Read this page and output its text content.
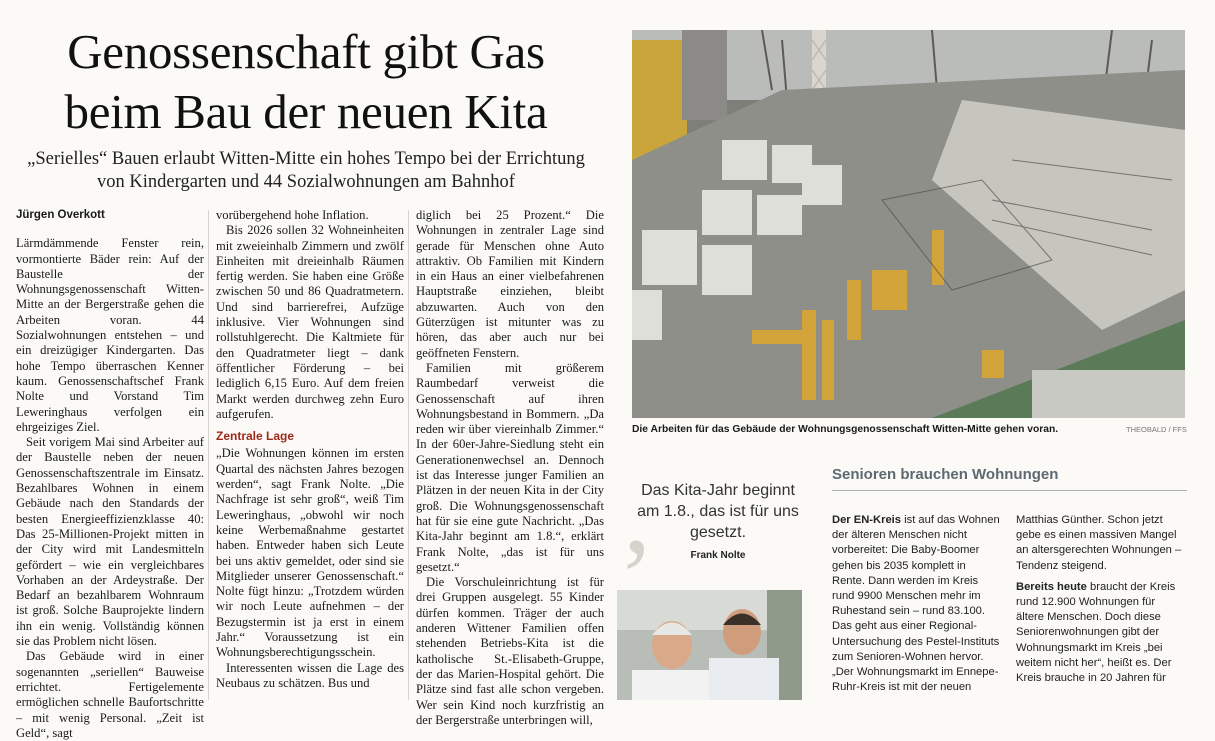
Genossenschaft gibt Gas beim Bau der neuen Kita
„Serielles“ Bauen erlaubt Witten-Mitte ein hohes Tempo bei der Errichtung von Kindergarten und 44 Sozialwohnungen am Bahnhof

Jürgen Overkott

Lärmdämmende Fenster rein, vormontierte Bäder rein: Auf der Baustelle der Wohnungsgenossenschaft Witten-Mitte an der Bergerstraße gehen die Arbeiten voran. 44 Sozialwohnungen entstehen – und ein dreizügiger Kindergarten. Das hohe Tempo überraschen Kenner kaum. Genossenschaftschef Frank Nolte und Vorstand Tim Leweringhaus verfolgen ein ehrgeiziges Ziel.

Seit vorigem Mai sind Arbeiter auf der Baustelle neben der neuen Genossenschaftszentrale im Einsatz. Bezahlbares Wohnen in einem Gebäude nach den Standards der besten Energieeffizienzklasse 40: Das 25-Millionen-Projekt mitten in der City wird mit Landesmitteln gefördert – wie ein vergleichbares Vorhaben an der Ardeystraße. Der Bedarf an bezahlbarem Wohnraum ist groß. Solche Bauprojekte lindern ihn ein wenig. Vollständig können sie das Problem nicht lösen.

Das Gebäude wird in einer sogenannten „seriellen“ Bauweise errichtet. Fertigelemente ermöglichen schnelle Baufortschritte – mit wenig Personal. „Zeit ist Geld“, sagt

vorübergehend hohe Inflation.

Bis 2026 sollen 32 Wohneinheiten mit zweieinhalb Zimmern und zwölf Einheiten mit dreieinhalb Räumen fertig werden. Sie haben eine Größe zwischen 50 und 86 Quadratmetern. Und sind barrierefrei, Aufzüge inklusive. Vier Wohnungen sind rollstuhlgerecht. Die Kaltmiete für den Quadratmeter liegt – dank öffentlicher Förderung – bei lediglich 6,15 Euro. Auf dem freien Markt werden durchweg zehn Euro aufgerufen.

Zentrale Lage

„Die Wohnungen können im ersten Quartal des nächsten Jahres bezogen werden“, sagt Frank Nolte. „Die Nachfrage ist sehr groß“, weiß Tim Leweringhaus, „obwohl wir noch keine Werbemaßnahme gestartet haben. Entweder haben sich Leute bei uns aktiv gemeldet, oder sind sie Mitglieder unserer Genossenschaft.“ Nolte fügt hinzu: „Trotzdem würden wir noch Leute aufnehmen – der Bezugstermin ist ja erst in einem Jahr.“ Voraussetzung ist ein Wohnungsberechtigungsschein.

Interessenten wissen die Lage des Neubaus zu schätzen. Bus und

diglich bei 25 Prozent.“ Die Wohnungen in zentraler Lage sind gerade für Menschen ohne Auto attraktiv. Ob Familien mit Kindern in ein Haus an einer vielbefahrenen Hauptstraße einziehen, bleibt abzuwarten. Auch von den Güterzügen ist mitunter was zu hören, das aber auch nur bei geöffneten Fenstern.

Familien mit größerem Raumbedarf verweist die Genossenschaft auf ihren Wohnungsbestand in Bommern. „Da reden wir über viereinhalb Zimmer.“ In der 60er-Jahre-Siedlung steht ein Generationenwechsel an. Dennoch ist das Interesse junger Familien an Plätzen in der neuen Kita in der City groß. Die Wohnungsgenossenschaft hat für sie eine gute Nachricht. „Das Kita-Jahr beginnt am 1.8.“, erklärt Frank Nolte, „das ist für uns gesetzt.“

Die Vorschuleinrichtung ist für drei Gruppen ausgelegt. 55 Kinder dürfen kommen. Träger der auch anderen Wittener Familien offen stehenden Betriebs-Kita ist die katholische St.-Elisabeth-Gruppe, der das Marien-Hospital gehört. Die Plätze sind fast alle schon vergeben. Wer sein Kind noch kurzfristig an der Bergerstraße unterbringen will,

Die Arbeiten für das Gebäude der Wohnungsgenossenschaft Witten-Mitte gehen voran.	THEOBALD / FFS
‚
Das Kita-Jahr beginnt am 1.8., das ist für uns gesetzt.
Frank Nolte
Senioren brauchen Wohnungen

Der EN-Kreis ist auf das Wohnen der älteren Menschen nicht vorbereitet: Die Baby-Boomer gehen bis 2035 komplett in Rente. Dann werden im Kreis rund 9900 Menschen mehr im Ruhestand sein – rund 83.100. Das geht aus einer Regional-Untersuchung des Pestel-Instituts zum Senioren-Wohnen hervor. „Der Wohnungsmarkt im Ennepe-Ruhr-Kreis ist mit der neuen

Matthias Günther. Schon jetzt gebe es einen massiven Mangel an altersgerechten Wohnungen – Tendenz steigend.

Bereits heute braucht der Kreis rund 12.900 Wohnungen für ältere Menschen. Doch diese Seniorenwohnungen gibt der Wohnungsmarkt im Kreis „bei weitem nicht her“, heißt es. Der Kreis brauche in 20 Jahren für
